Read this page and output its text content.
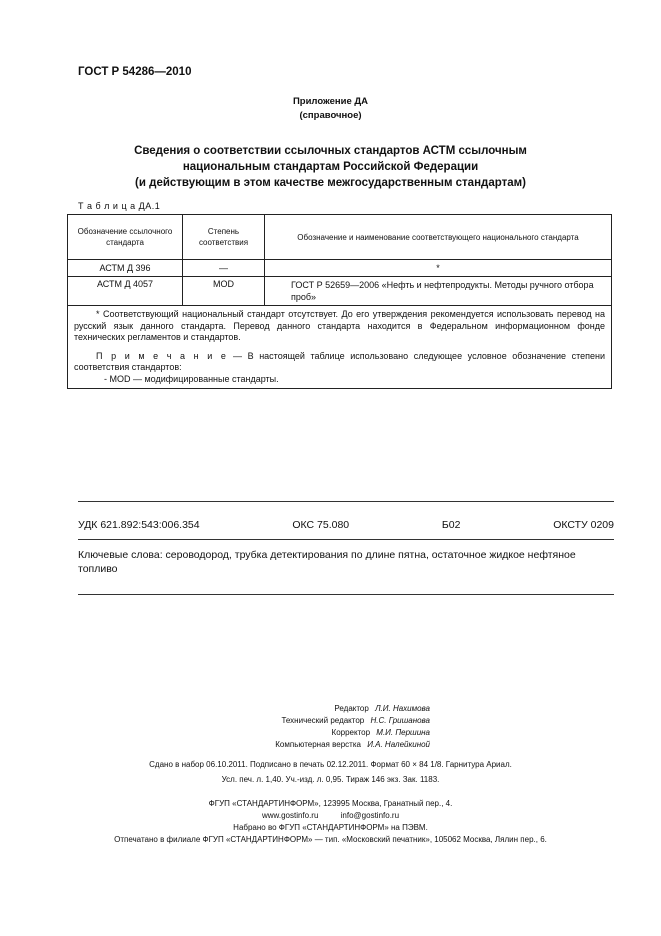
ГОСТ Р 54286—2010
Приложение ДА
(справочное)
Сведения о соответствии ссылочных стандартов АСТМ ссылочным
национальным стандартам Российской Федерации
(и действующим в этом качестве межгосударственным стандартам)
Т а б л и ц а ДА.1
Обозначение ссылочного стандарта	Степень соответствия	Обозначение и наименование соответствующего национального стандарта
АСТМ Д 396	—	*
АСТМ Д 4057	MOD	ГОСТ Р 52659—2006 «Нефть и нефтепродукты. Методы ручного отбора проб»

* Соответствующий национальный стандарт отсутствует. До его утверждения рекомендуется использовать перевод на русский язык данного стандарта. Перевод данного стандарта находится в Федеральном информационном фонде технических регламентов и стандартов.

П р и м е ч а н и е — В настоящей таблице использовано следующее условное обозначение степени соответствия стандартов:

- MOD — модифицированные стандарты.		

УДК 621.892:543:006.354	ОКС 75.080	Б02	ОКСТУ 0209
Ключевые слова: сероводород, трубка детектирования по длине пятна, остаточное жидкое нефтяное топливо
Редактор Л.И. Нахимова
Технический редактор Н.С. Гришанова
Корректор М.И. Першина
Компьютерная верстка И.А. Налейкиной
Сдано в набор 06.10.2011. Подписано в печать 02.12.2011. Формат 60 × 84 1/8. Гарнитура Ариал.
Усл. печ. л. 1,40. Уч.-изд. л. 0,95. Тираж 146 экз. Зак. 1183.
ФГУП «СТАНДАРТИНФОРМ», 123995 Москва, Гранатный пер., 4.
www.gostinfo.ru	info@gostinfo.ru
Набрано во ФГУП «СТАНДАРТИНФОРМ» на ПЭВМ.
Отпечатано в филиале ФГУП «СТАНДАРТИНФОРМ» — тип. «Московский печатник», 105062 Москва, Лялин пер., 6.
